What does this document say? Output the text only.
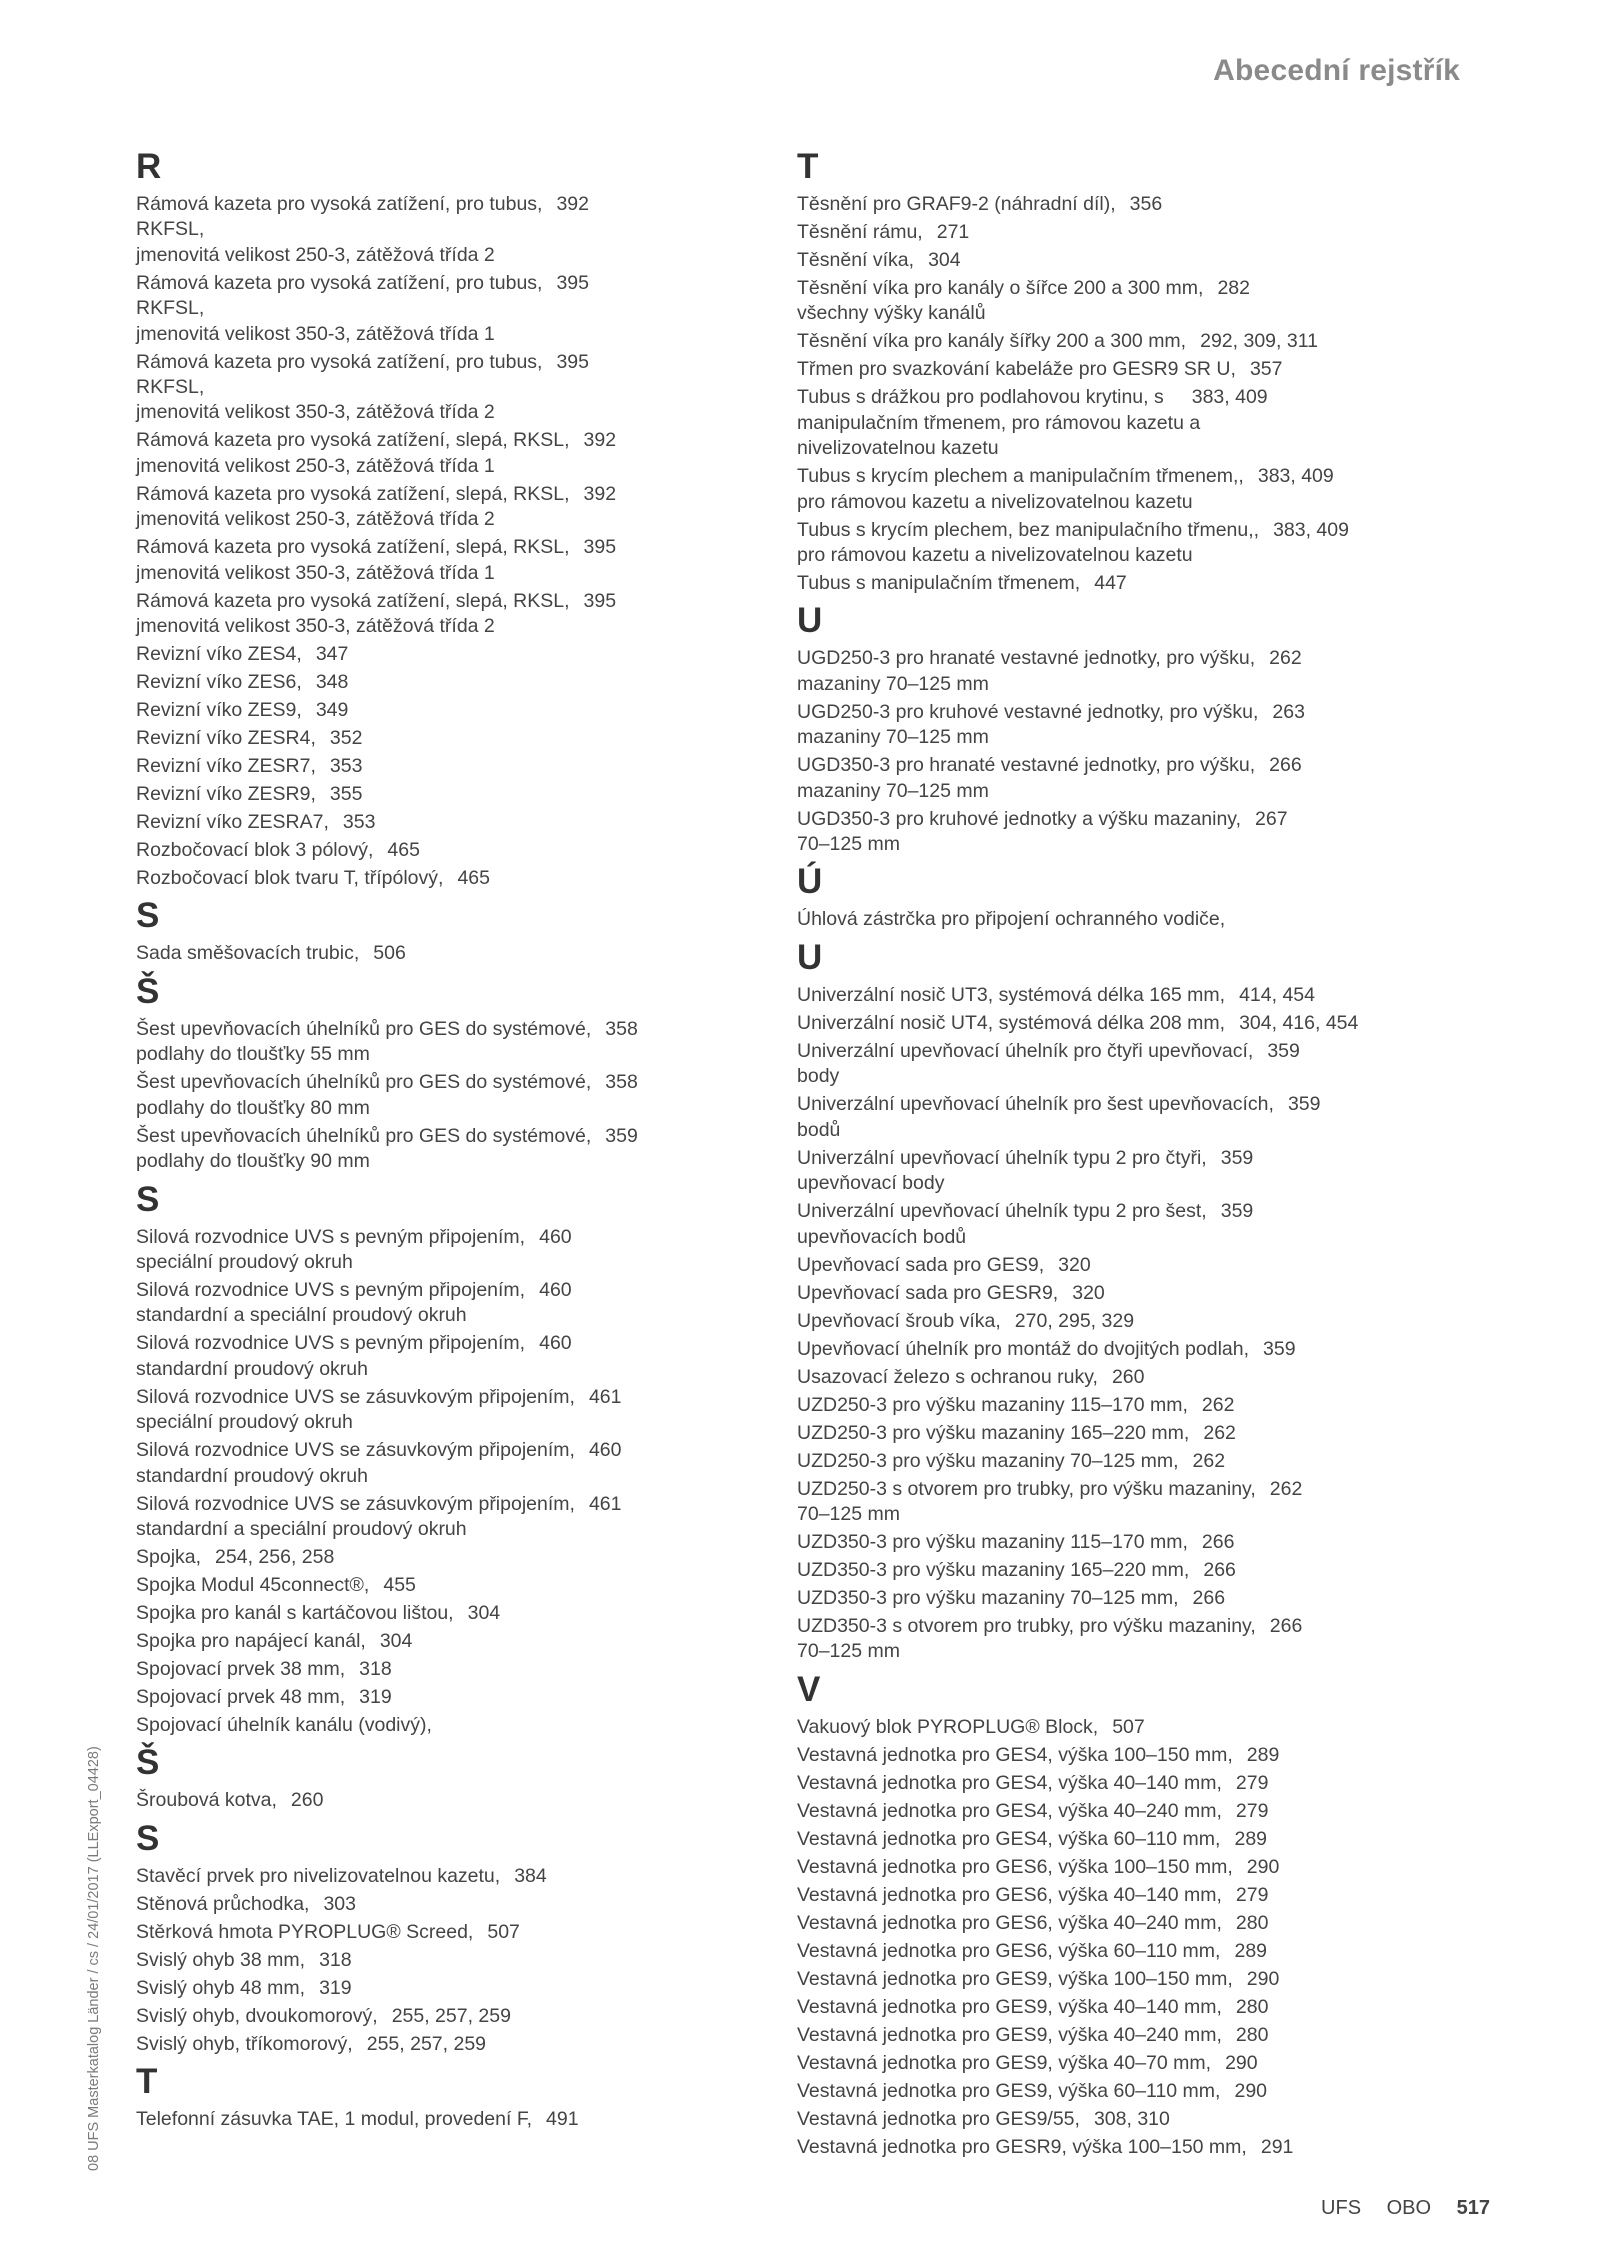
Abecední rejstřík
R
Rámová kazeta pro vysoká zatížení, pro tubus, 392
RKFSL,
jmenovitá velikost 250-3, zátěžová třída 2
Rámová kazeta pro vysoká zatížení, pro tubus, 395
RKFSL,
jmenovitá velikost 350-3, zátěžová třída 1
Rámová kazeta pro vysoká zatížení, pro tubus, 395
RKFSL,
jmenovitá velikost 350-3, zátěžová třída 2
Rámová kazeta pro vysoká zatížení, slepá, RKSL, 392
jmenovitá velikost 250-3, zátěžová třída 1
Rámová kazeta pro vysoká zatížení, slepá, RKSL, 392
jmenovitá velikost 250-3, zátěžová třída 2
Rámová kazeta pro vysoká zatížení, slepá, RKSL, 395
jmenovitá velikost 350-3, zátěžová třída 1
Rámová kazeta pro vysoká zatížení, slepá, RKSL, 395
jmenovitá velikost 350-3, zátěžová třída 2
Revizní víko ZES4, 347
Revizní víko ZES6, 348
Revizní víko ZES9, 349
Revizní víko ZESR4, 352
Revizní víko ZESR7, 353
Revizní víko ZESR9, 355
Revizní víko ZESRA7, 353
Rozbočovací blok 3 pólový, 465
Rozbočovací blok tvaru T, třípólový, 465
S
Sada směšovacích trubic, 506
Š
Šest upevňovacích úhelníků pro GES do systémové, 358
podlahy do tloušťky 55 mm
Šest upevňovacích úhelníků pro GES do systémové, 358
podlahy do tloušťky 80 mm
Šest upevňovacích úhelníků pro GES do systémové, 359
podlahy do tloušťky 90 mm
S
Silová rozvodnice UVS s pevným připojením, 460
speciální proudový okruh
Silová rozvodnice UVS s pevným připojením, 460
standardní a speciální proudový okruh
Silová rozvodnice UVS s pevným připojením, 460
standardní proudový okruh
Silová rozvodnice UVS se zásuvkovým připojením, 461
speciální proudový okruh
Silová rozvodnice UVS se zásuvkovým připojením, 460
standardní proudový okruh
Silová rozvodnice UVS se zásuvkovým připojením, 461
standardní a speciální proudový okruh
Spojka, 254, 256, 258
Spojka Modul 45connect®, 455
Spojka pro kanál s kartáčovou lištou, 304
Spojka pro napájecí kanál, 304
Spojovací prvek 38 mm, 318
Spojovací prvek 48 mm, 319
Spojovací úhelník kanálu (vodivý),
Š
Šroubová kotva, 260
S
Stavěcí prvek pro nivelizovatelnou kazetu, 384
Stěnová průchodka, 303
Stěrková hmota PYROPLUG® Screed, 507
Svislý ohyb 38 mm, 318
Svislý ohyb 48 mm, 319
Svislý ohyb, dvoukomorový, 255, 257, 259
Svislý ohyb, tříkomorový, 255, 257, 259
T
Telefonní zásuvka TAE, 1 modul, provedení F, 491
T
Těsnění pro GRAF9-2 (náhradní díl), 356
Těsnění rámu, 271
Těsnění víka, 304
Těsnění víka pro kanály o šířce 200 a 300 mm, 282
všechny výšky kanálů
Těsnění víka pro kanály šířky 200 a 300 mm, 292, 309, 311
Třmen pro svazkování kabeláže pro GESR9 SR U, 357
Tubus s drážkou pro podlahovou krytinu, s 383, 409
manipulačním třmenem, pro rámovou kazetu a
nivelizovatelnou kazetu
Tubus s krycím plechem a manipulačním třmenem,, 383, 409
pro rámovou kazetu a nivelizovatelnou kazetu
Tubus s krycím plechem, bez manipulačního třmenu,, 383, 409
pro rámovou kazetu a nivelizovatelnou kazetu
Tubus s manipulačním třmenem, 447
U
UGD250-3 pro hranaté vestavné jednotky, pro výšku, 262
mazaniny 70–125 mm
UGD250-3 pro kruhové vestavné jednotky, pro výšku, 263
mazaniny 70–125 mm
UGD350-3 pro hranaté vestavné jednotky, pro výšku, 266
mazaniny 70–125 mm
UGD350-3 pro kruhové jednotky a výšku mazaniny, 267
70–125 mm
Ú
Úhlová zástrčka pro připojení ochranného vodiče,
U
Univerzální nosič UT3, systémová délka 165 mm, 414, 454
Univerzální nosič UT4, systémová délka 208 mm, 304, 416, 454
Univerzální upevňovací úhelník pro čtyři upevňovací, 359
body
Univerzální upevňovací úhelník pro šest upevňovacích, 359
bodů
Univerzální upevňovací úhelník typu 2 pro čtyři, 359
upevňovací body
Univerzální upevňovací úhelník typu 2 pro šest, 359
upevňovacích bodů
Upevňovací sada pro GES9, 320
Upevňovací sada pro GESR9, 320
Upevňovací šroub víka, 270, 295, 329
Upevňovací úhelník pro montáž do dvojitých podlah, 359
Usazovací železo s ochranou ruky, 260
UZD250-3 pro výšku mazaniny 115–170 mm, 262
UZD250-3 pro výšku mazaniny 165–220 mm, 262
UZD250-3 pro výšku mazaniny 70–125 mm, 262
UZD250-3 s otvorem pro trubky, pro výšku mazaniny, 262
70–125 mm
UZD350-3 pro výšku mazaniny 115–170 mm, 266
UZD350-3 pro výšku mazaniny 165–220 mm, 266
UZD350-3 pro výšku mazaniny 70–125 mm, 266
UZD350-3 s otvorem pro trubky, pro výšku mazaniny, 266
70–125 mm
V
Vakuový blok PYROPLUG® Block, 507
Vestavná jednotka pro GES4, výška 100–150 mm, 289
Vestavná jednotka pro GES4, výška 40–140 mm, 279
Vestavná jednotka pro GES4, výška 40–240 mm, 279
Vestavná jednotka pro GES4, výška 60–110 mm, 289
Vestavná jednotka pro GES6, výška 100–150 mm, 290
Vestavná jednotka pro GES6, výška 40–140 mm, 279
Vestavná jednotka pro GES6, výška 40–240 mm, 280
Vestavná jednotka pro GES6, výška 60–110 mm, 289
Vestavná jednotka pro GES9, výška 100–150 mm, 290
Vestavná jednotka pro GES9, výška 40–140 mm, 280
Vestavná jednotka pro GES9, výška 40–240 mm, 280
Vestavná jednotka pro GES9, výška 40–70 mm, 290
Vestavná jednotka pro GES9, výška 60–110 mm, 290
Vestavná jednotka pro GES9/55, 308, 310
Vestavná jednotka pro GESR9, výška 100–150 mm, 291
08 UFS Masterkatalog Länder / cs / 24/01/2017 (LLExport_04428)
UFS OBO 517
